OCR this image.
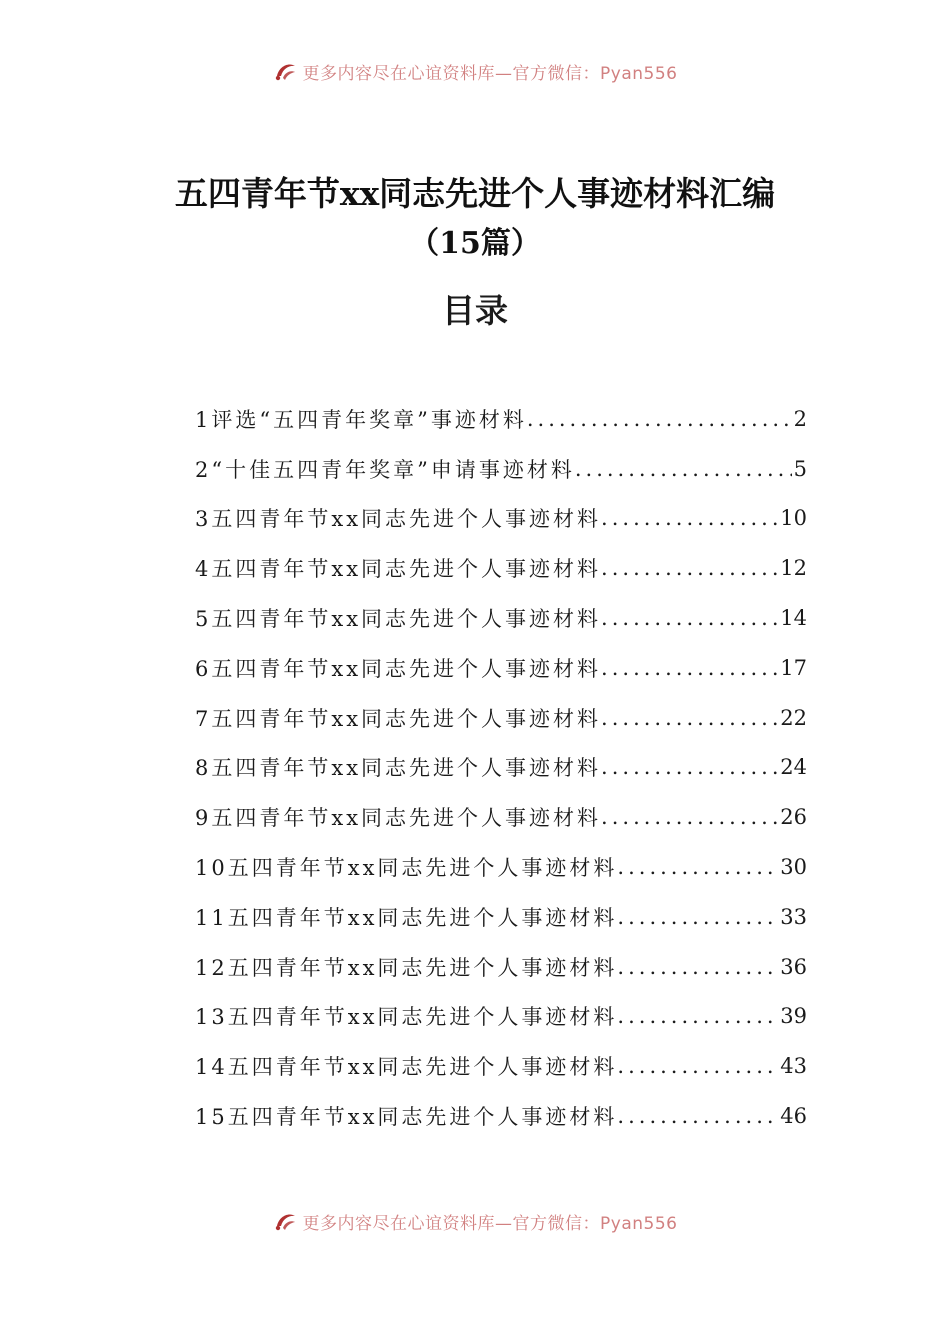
更多内容尽在心谊资料库—官方微信：Pyan556
五四青年节xx同志先进个人事迹材料汇编
（15篇）
目录
1评选“五四青年奖章”事迹材料 .....	2
2“十佳五四青年奖章”申请事迹材料 .....	5
3五四青年节xx同志先进个人事迹材料 .....	10
4五四青年节xx同志先进个人事迹材料 .....	12
5五四青年节xx同志先进个人事迹材料 .....	14
6五四青年节xx同志先进个人事迹材料 .....	17
7五四青年节xx同志先进个人事迹材料 .....	22
8五四青年节xx同志先进个人事迹材料 .....	24
9五四青年节xx同志先进个人事迹材料 .....	26
10五四青年节xx同志先进个人事迹材料 .....	30
11五四青年节xx同志先进个人事迹材料 .....	33
12五四青年节xx同志先进个人事迹材料 .....	36
13五四青年节xx同志先进个人事迹材料 .....	39
14五四青年节xx同志先进个人事迹材料 .....	43
15五四青年节xx同志先进个人事迹材料 .....	46
更多内容尽在心谊资料库—官方微信：Pyan556
